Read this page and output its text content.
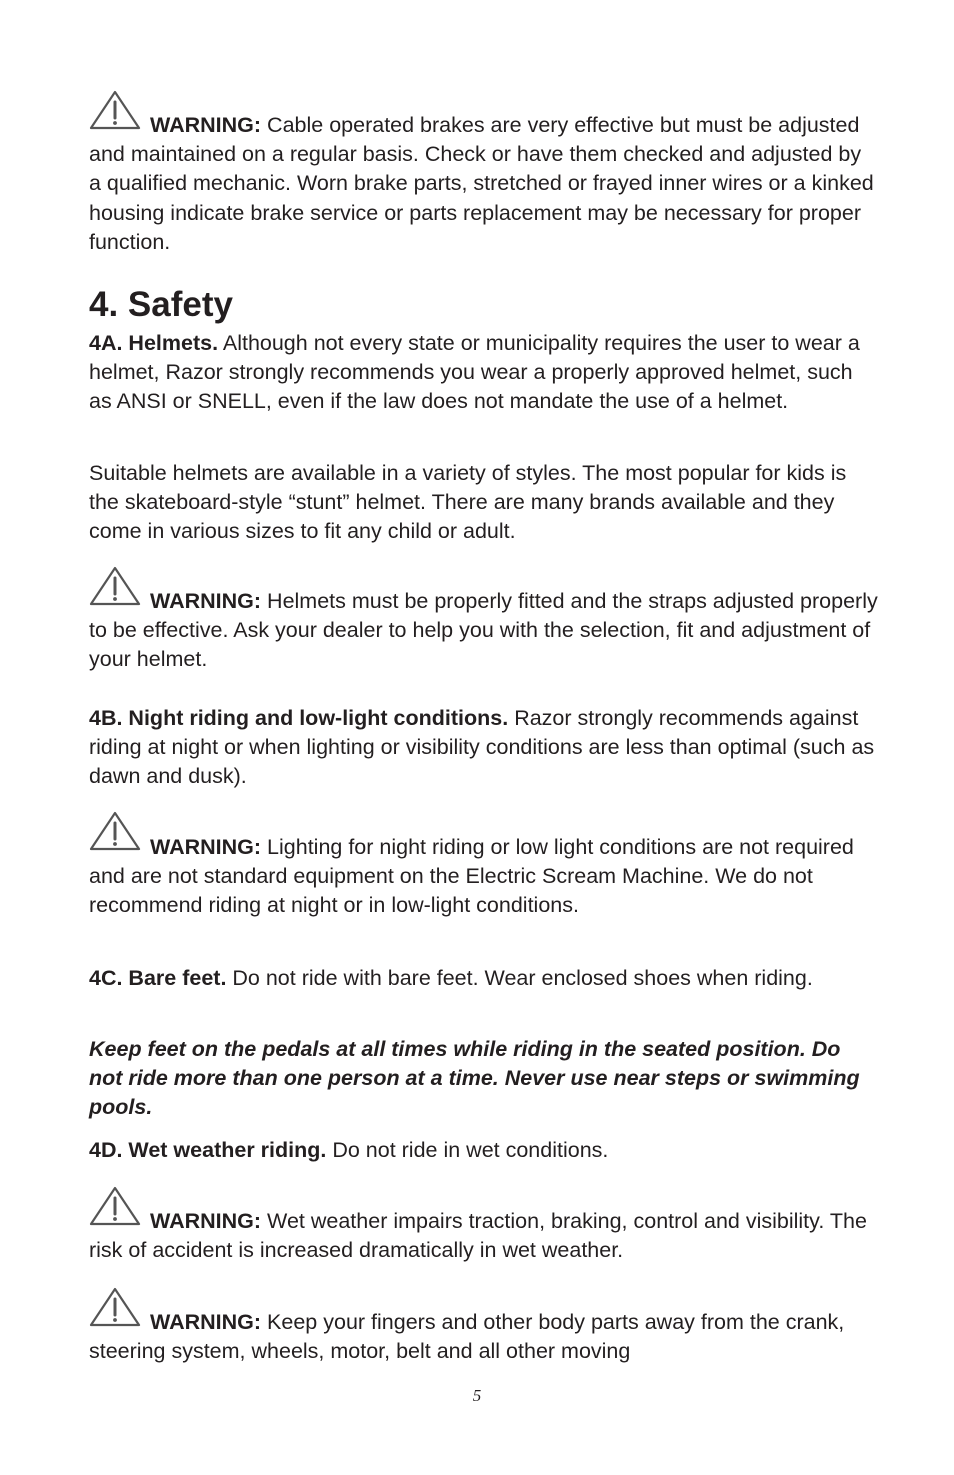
WARNING: Cable operated brakes are very effective but must be adjusted and maintained on a regular basis. Check or have them checked and adjusted by a qualified mechanic. Worn brake parts, stretched or frayed inner wires or a kinked housing indicate brake service or parts replacement may be necessary for proper function.

4. Safety

4A. Helmets. Although not every state or municipality requires the user to wear a helmet, Razor strongly recommends you wear a properly approved helmet, such as ANSI or SNELL, even if the law does not mandate the use of a helmet.

Suitable helmets are available in a variety of styles. The most popular for kids is the skateboard-style “stunt” helmet. There are many brands available and they come in various sizes to fit any child or adult.

WARNING: Helmets must be properly fitted and the straps adjusted properly to be effective. Ask your dealer to help you with the selection, fit and adjustment of your helmet.

4B. Night riding and low-light conditions. Razor strongly recommends against riding at night or when lighting or visibility conditions are less than optimal (such as dawn and dusk).

WARNING: Lighting for night riding or low light conditions are not required and are not standard equipment on the Electric Scream Machine. We do not recommend riding at night or in low-light conditions.

4C. Bare feet. Do not ride with bare feet. Wear enclosed shoes when riding.

Keep feet on the pedals at all times while riding in the seated position. Do not ride more than one person at a time. Never use near steps or swimming pools.

4D. Wet weather riding. Do not ride in wet conditions.

WARNING: Wet weather impairs traction, braking, control and visibility. The risk of accident is increased dramatically in wet weather.

WARNING: Keep your fingers and other body parts away from the crank, steering system, wheels, motor, belt and all other moving

5
